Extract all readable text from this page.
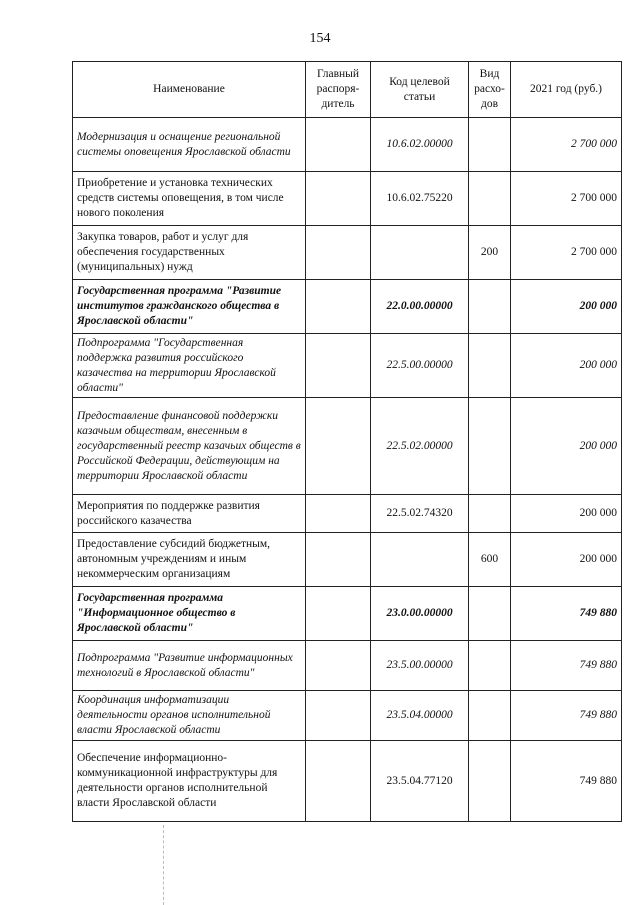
154
Наименование	Главный распоря-дитель	Код целевой статьи	Вид расхо-дов	2021 год (руб.)
Модернизация и оснащение региональной системы оповещения Ярославской области		10.6.02.00000		2 700 000
Приобретение и установка технических средств системы оповещения, в том числе нового поколения		10.6.02.75220		2 700 000
Закупка товаров, работ и услуг для обеспечения государственных (муниципальных) нужд			200	2 700 000
Государственная программа "Развитие институтов гражданского общества в Ярославской области"		22.0.00.00000		200 000
Подпрограмма "Государственная поддержка развития российского казачества на территории Ярославской области"		22.5.00.00000		200 000
Предоставление финансовой поддержки казачьим обществам, внесенным в государственный реестр казачьих обществ в Российской Федерации, действующим на территории Ярославской области		22.5.02.00000		200 000
Мероприятия по поддержке развития российского казачества		22.5.02.74320		200 000
Предоставление субсидий бюджетным, автономным учреждениям и иным некоммерческим организациям			600	200 000
Государственная программа "Информационное общество в Ярославской области"		23.0.00.00000		749 880
Подпрограмма "Развитие информационных технологий в Ярославской области"		23.5.00.00000		749 880
Координация информатизации деятельности органов исполнительной власти Ярославской области		23.5.04.00000		749 880
Обеспечение информационно-коммуникационной инфраструктуры для деятельности органов исполнительной власти Ярославской области		23.5.04.77120		749 880
